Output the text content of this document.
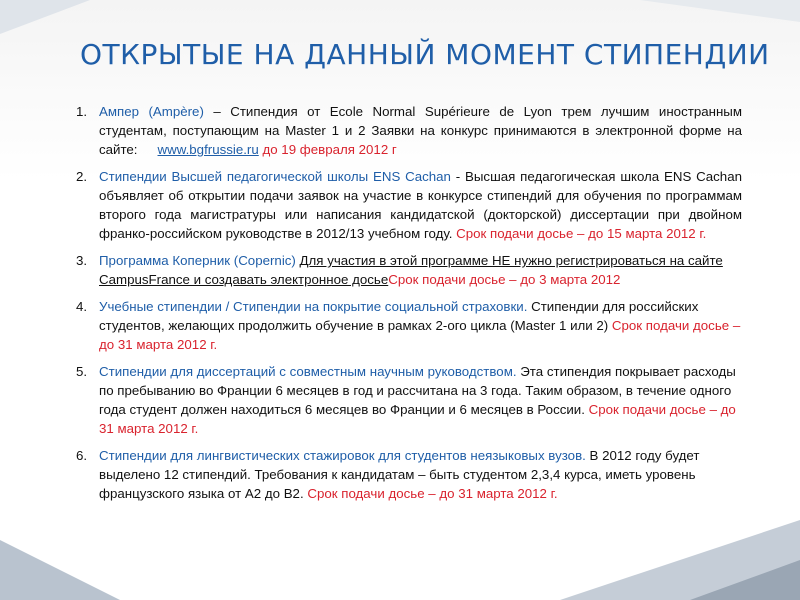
ОТКРЫТЫЕ НА ДАННЫЙ МОМЕНТ СТИПЕНДИИ
1. Ампер (Ampère) – Стипендия от Ecole Normal Supérieure de Lyon трем лучшим иностранным студентам, поступающим на Master 1 и 2 Заявки на конкурс принимаются в электронной форме на сайте: www.bgfrussie.ru до 19 февраля 2012 г
2. Стипендии Высшей педагогической школы ENS Cachan - Высшая педагогическая школа ENS Cachan объявляет об открытии подачи заявок на участие в конкурсе стипендий для обучения по программам второго года магистратуры или написания кандидатской (докторской) диссертации при двойном франко-российском руководстве в 2012/13 учебном году. Срок подачи досье – до 15 марта 2012 г.
3. Программа Коперник (Copernic) Для участия в этой программе НЕ нужно регистрироваться на сайте CampusFrance и создавать электронное досьеСрок подачи досье – до 3 марта 2012
4. Учебные стипендии / Стипендии на покрытие социальной страховки. Стипендии для российских студентов, желающих продолжить обучение в рамках 2-ого цикла (Master 1 или 2) Срок подачи досье – до 31 марта 2012 г.
5. Стипендии для диссертаций с совместным научным руководством. Эта стипендия покрывает расходы по пребыванию во Франции 6 месяцев в год и рассчитана на 3 года. Таким образом, в течение одного года студент должен находиться 6 месяцев во Франции и 6 месяцев в России. Срок подачи досье – до 31 марта 2012 г.
6. Стипендии для лингвистических стажировок для студентов неязыковых вузов. В 2012 году будет выделено 12 стипендий. Требования к кандидатам – быть студентом 2,3,4 курса, иметь уровень французского языка от А2 до В2. Срок подачи досье – до 31 марта 2012 г.
